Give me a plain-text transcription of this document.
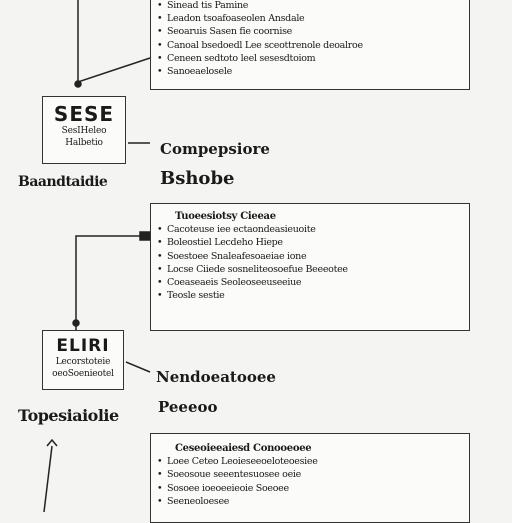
• Sinead tis Pamine
• Leadon tsoafoaseolen Ansdale
• Seoaruis Sasen fie coornise
• Canoal bsedoedl Lee sceottrenole deoalroe
• Ceneen sedtoto leel sesesdtoiom
• Sanoeaelosele
SESE
SesIHeleo
Halbetio	Compepsiore
Baandtaidie	Bshobe
Tuoeesiotsy Cieeae
• Cacoteuse iee ectaondeasieuoite
• Boleostiel Lecdeho Hiepe
• Soestoee Snaleafesoaeiae ione
• Locse Ciiede sosneliteosoefue Beeeotee
• Coeaseaeis Seoleoseeuseeiue
• Teosle sestie
ELIRI
Lecorstoteie
oeoSoenieotel	Nendoeatooee
Peeeoo
Topesiaiolie
Ceseoieeaiesd Conooeoee
• Loee Ceteo Leoieseeoeloteoesiee
• Soeosoue seeentesuosee oeie
• Sosoee ioeoeeieoie Soeoee
• Seeneoloesee
